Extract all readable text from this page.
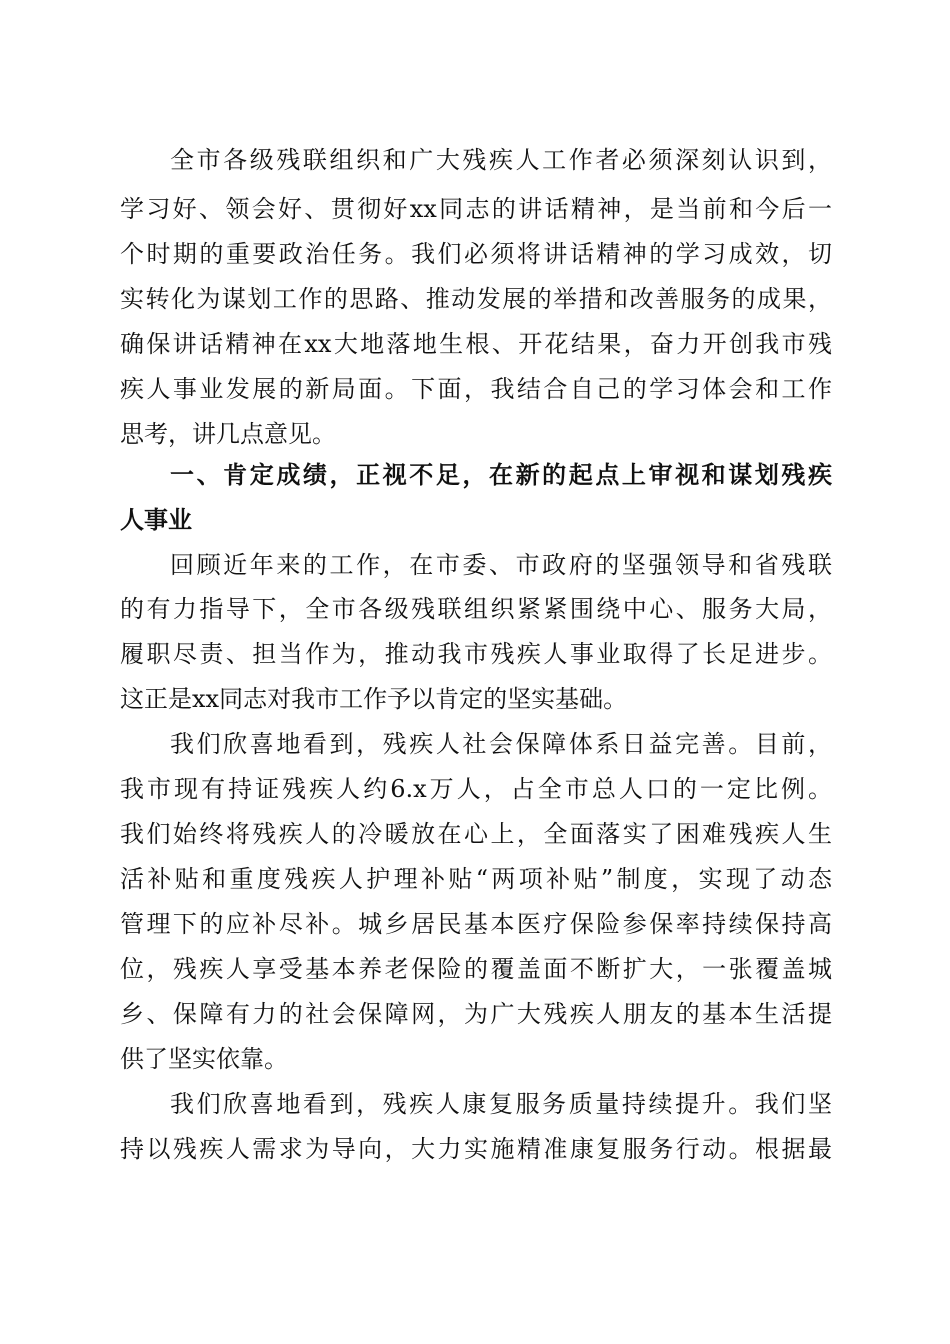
全市各级残联组织和广大残疾人工作者必须深刻认识到，
学习好、领会好、贯彻好xx同志的讲话精神，是当前和今后一
个时期的重要政治任务。我们必须将讲话精神的学习成效，切
实转化为谋划工作的思路、推动发展的举措和改善服务的成果，
确保讲话精神在xx大地落地生根、开花结果，奋力开创我市残
疾人事业发展的新局面。下面，我结合自己的学习体会和工作
思考，讲几点意见。
一、肯定成绩，正视不足，在新的起点上审视和谋划残疾
人事业
回顾近年来的工作，在市委、市政府的坚强领导和省残联
的有力指导下，全市各级残联组织紧紧围绕中心、服务大局，
履职尽责、担当作为，推动我市残疾人事业取得了长足进步。
这正是xx同志对我市工作予以肯定的坚实基础。
我们欣喜地看到，残疾人社会保障体系日益完善。目前，
我市现有持证残疾人约6.x万人，占全市总人口的一定比例。
我们始终将残疾人的冷暖放在心上，全面落实了困难残疾人生
活补贴和重度残疾人护理补贴“两项补贴”制度，实现了动态
管理下的应补尽补。城乡居民基本医疗保险参保率持续保持高
位，残疾人享受基本养老保险的覆盖面不断扩大，一张覆盖城
乡、保障有力的社会保障网，为广大残疾人朋友的基本生活提
供了坚实依靠。
我们欣喜地看到，残疾人康复服务质量持续提升。我们坚
持以残疾人需求为导向，大力实施精准康复服务行动。根据最
